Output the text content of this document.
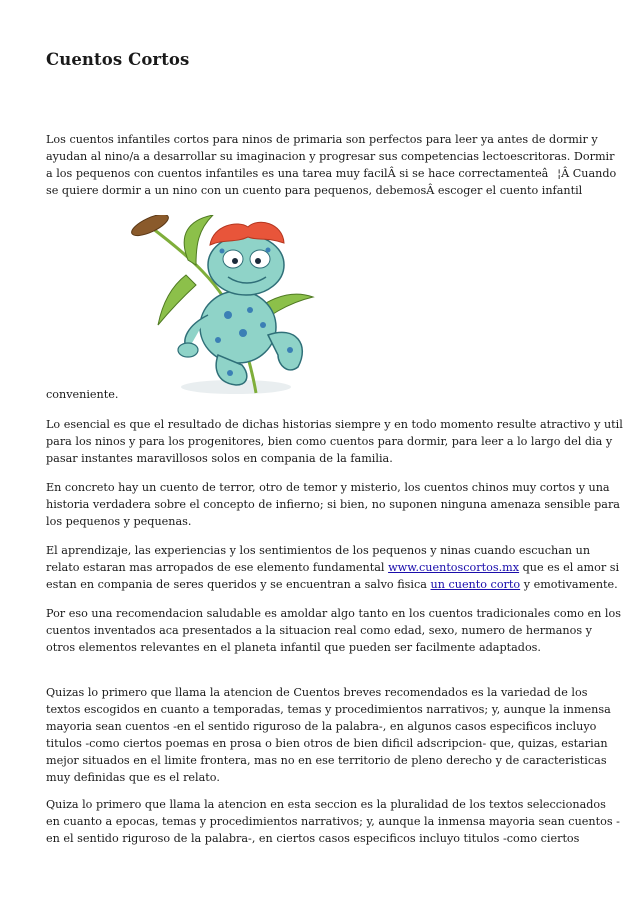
Cuentos Cortos

Los cuentos infantiles cortos para ninos de primaria son perfectos para leer ya antes de dormir y
ayudan al nino/a a desarrollar su imaginacion y progresar sus competencias lectoescritoras. Dormir
a los pequenos con cuentos infantiles es una tarea muy facilÂ si se hace correctamenteâ¦Â Cuando
se quiere dormir a un nino con un cuento para pequenos, debemosÂ escoger el cuento infantil

conveniente.

Lo esencial es que el resultado de dichas historias siempre y en todo momento resulte atractivo y util
para los ninos y para los progenitores, bien como cuentos para dormir, para leer a lo largo del dia y
pasar instantes maravillosos solos en compania de la familia.

En concreto hay un cuento de terror, otro de temor y misterio, los cuentos chinos muy cortos y una
historia verdadera sobre el concepto de infierno; si bien, no suponen ninguna amenaza sensible para
los pequenos y pequenas.

El aprendizaje, las experiencias y los sentimientos de los pequenos y ninas cuando escuchan un
relato estaran mas arropados de ese elemento fundamental www.cuentoscortos.mx que es el amor si
estan en compania de seres queridos y se encuentran a salvo fisica un cuento corto y emotivamente.

Por eso una recomendacion saludable es amoldar algo tanto en los cuentos tradicionales como en los
cuentos inventados aca presentados a la situacion real como edad, sexo, numero de hermanos y
otros elementos relevantes en el planeta infantil que pueden ser facilmente adaptados.

Quizas lo primero que llama la atencion de Cuentos breves recomendados es la variedad de los
textos escogidos en cuanto a temporadas, temas y procedimientos narrativos; y, aunque la inmensa
mayoria sean cuentos -en el sentido riguroso de la palabra-, en algunos casos especificos incluyo
titulos -como ciertos poemas en prosa o bien otros de bien dificil adscripcion- que, quizas, estarian
mejor situados en el limite frontera, mas no en ese territorio de pleno derecho y de caracteristicas
muy definidas que es el relato.

Quiza lo primero que llama la atencion en esta seccion es la pluralidad de los textos seleccionados
en cuanto a epocas, temas y procedimientos narrativos; y, aunque la inmensa mayoria sean cuentos -
en el sentido riguroso de la palabra-, en ciertos casos especificos incluyo titulos -como ciertos
